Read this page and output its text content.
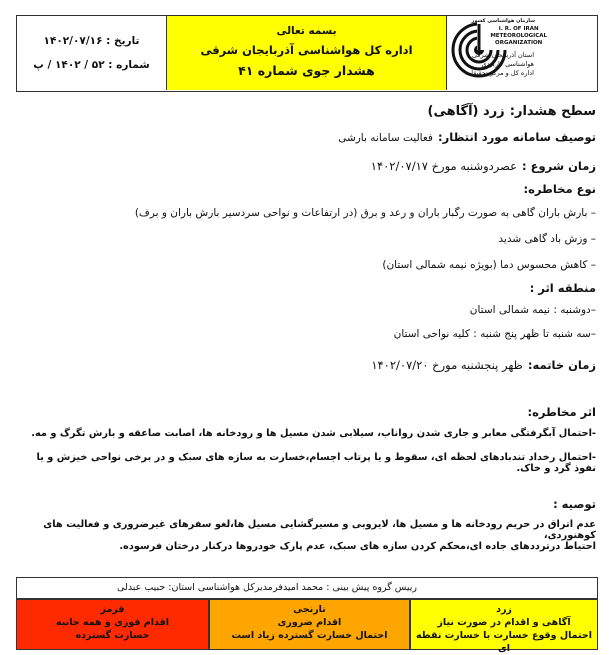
تاریخ : ۱۴۰۲/۰۷/۱۶
شماره : ۵۲ / ۱۴۰۲ / پ
بسمه تعالی
اداره کل هواشناسی آذربایجان شرقی
هشدار جوی شماره ۴۱
سازمان هواشناسی کشور
I. R. OF IRAN
METEOROLOGICAL
ORGANIZATION
استان آذربایجان شرقی
هواشناسی کاربردی
اداره کل و مرکز تحقیقات
سطح هشدار: زرد (آگاهی)
توصیف سامانه مورد انتظار: فعالیت سامانه بارشی
زمان شروع : عصردوشنبه مورخ ۱۴۰۲/۰۷/۱۷
نوع مخاطره:
– بارش باران گاهی به صورت رگبار باران و رعد و برق (در ارتفاعات و نواحی سردسیر بارش باران و برف)
– وزش باد گاهی شدید
– کاهش محسوس دما (بویژه نیمه شمالی استان)
منطقه اثر :
–دوشنبه : نیمه شمالی استان
–سه شنبه تا ظهر پنج شنبه : کلیه نواحی استان
زمان خاتمه: ظهر پنجشنبه مورخ ۱۴۰۲/۰۷/۲۰
اثر مخاطره:
-احتمال آبگرفتگی معابر و جاری شدن رواناب، سیلابی شدن مسیل ها و رودخانه ها، اصابت صاعقه و بارش تگرگ و مه.
-احتمال رخداد تندبادهای لحظه ای، سقوط و یا پرتاب اجسام،خسارت به سازه های سبک و در برخی نواحی خیزش و یا نفوذ گرد و خاک.
توصیه :
عدم اتراق در حریم رودخانه ها و مسیل ها، لایروبی و مسیرگشایی مسیل ها،لغو سفرهای غیرضروری و فعالیت های کوهنوردی،
احتیاط درترددهای جاده ای،محکم کردن سازه های سبک، عدم پارک خودروها درکنار درختان فرسوده.
رییس گروه پیش بینی : محمد امیدفر
مدیرکل هواشناسی استان: حبیب عبدلی
زرد
آگاهی و اقدام در صورت نیاز
احتمال وقوع خسارت با خسارت نقطه ای
نارنجی
اقدام ضروری
احتمال خسارت گسترده زیاد است
قرمز
اقدام فوری و همه جانبه
خسارت گسترده
